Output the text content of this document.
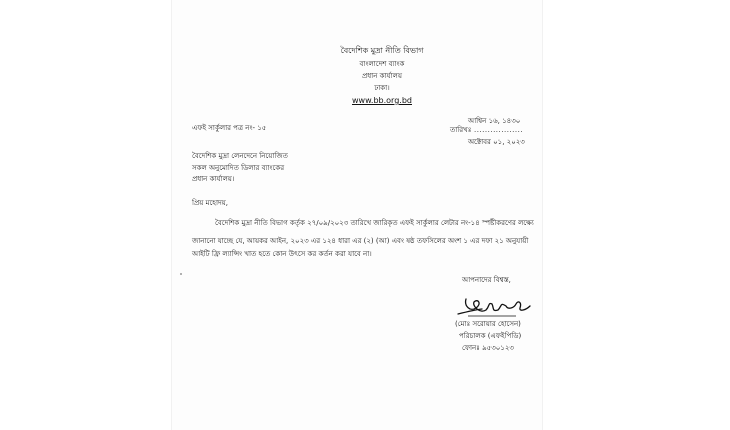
বৈদেশিক মুদ্রা নীতি বিভাগ
বাংলাদেশ ব্যাংক
প্রধান কার্যালয়
ঢাকা।
www.bb.org.bd
এফই সার্কুলার পত্র নং- ১৫
আশ্বিন ১৬, ১৪৩০
তারিখঃ ..................
অক্টোবর ০১, ২০২৩
বৈদেশিক মুদ্রা লেনদেনে নিয়োজিত
সকল অনুমোদিত ডিলার ব্যাংকের
প্রধান কার্যালয়।
প্রিয় মহোদয়,
বৈদেশিক মুদ্রা নীতি বিভাগ কর্তৃক ২৭/০৯/২০২৩ তারিখে জারিকৃত এফই সার্কুলার লেটার নং-১৪ স্পষ্টীকরণের লক্ষ্যে
জানানো যাচ্ছে যে, আয়কর আইন, ২০২৩ এর ১২৪ ধারা এর (২) (আ) এবং ষষ্ঠ তফসিলের অংশ ১ এর দফা ২১ অনুযায়ী
আইটি ফ্রি ল্যান্সিং খাত হতে কোন উৎসে কর কর্তন করা যাবে না।
আপনাদের বিশ্বস্ত,
(মোঃ সরোয়ার হোসেন)
পরিচালক (এফইপিডি)
ফোনঃ ৯৫৩০১২৩
